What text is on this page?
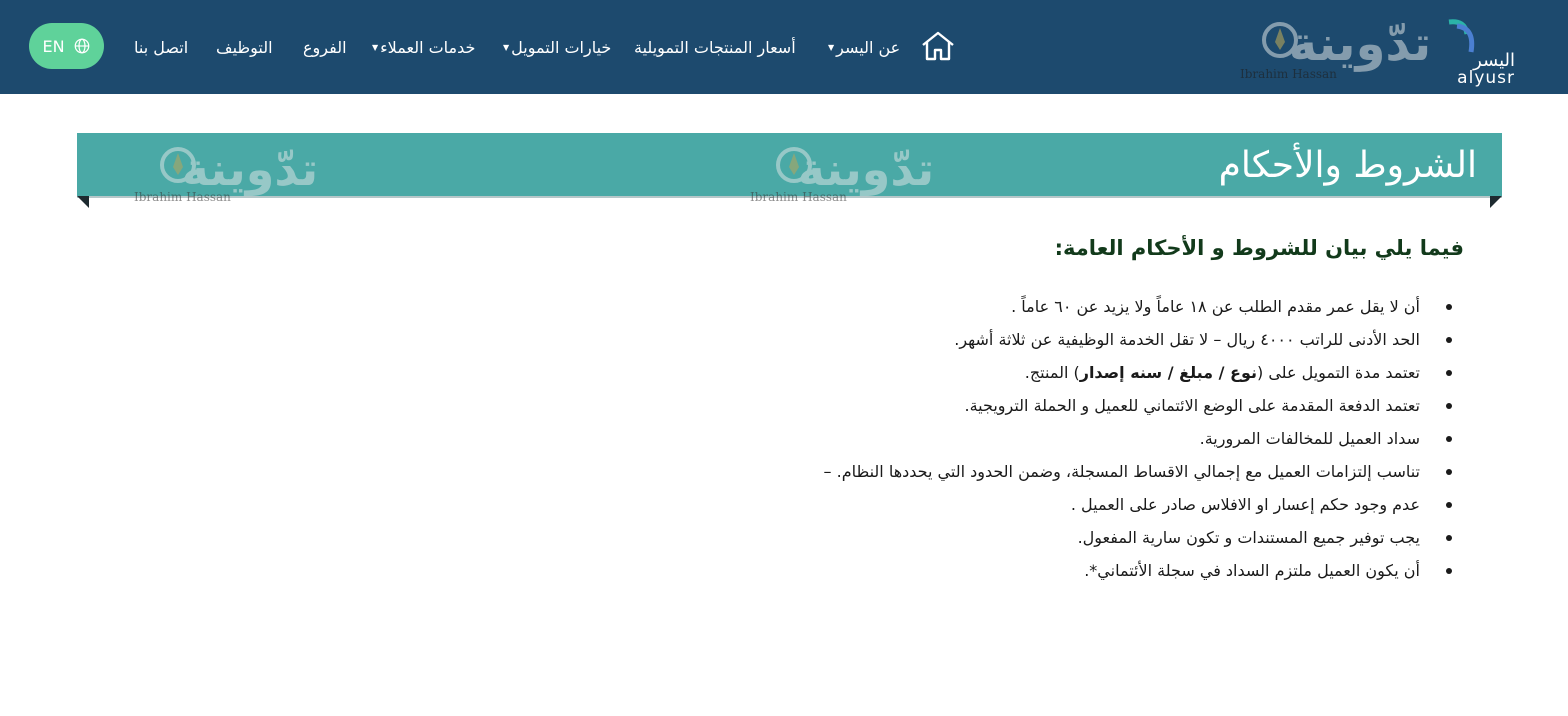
EN	اتصل بنا التوظيف الفروع	خدمات العملاء▼	خيارات التمويل▼	أسعار المنتجات التمويلية	عن اليسر▼	تدّوينة
Ibrahim Hassan
اليسر
alyusr
تدّوينة
Ibrahim Hassan
تدّوينة
Ibrahim Hassan
الشروط والأحكام
فيما يلي بيان للشروط و الأحكام العامة:
أن لا يقل عمر مقدم الطلب عن ١٨ عاماً ولا يزيد عن ٦٠ عاماً .
الحد الأدنى للراتب ٤٠٠٠ ريال – لا تقل الخدمة الوظيفية عن ثلاثة أشهر.
تعتمد مدة التمويل على (نوع / مبلغ / سنه إصدار) المنتج.
تعتمد الدفعة المقدمة على الوضع الائتماني للعميل و الحملة الترويجية.
سداد العميل للمخالفات المرورية.
تناسب إلتزامات العميل مع إجمالي الاقساط المسجلة، وضمن الحدود التي يحددها النظام. –
عدم وجود حكم إعسار او الافلاس صادر على العميل .
يجب توفير جميع المستندات و تكون سارية المفعول.
أن يكون العميل ملتزم السداد في سجلة الأئتماني*.
